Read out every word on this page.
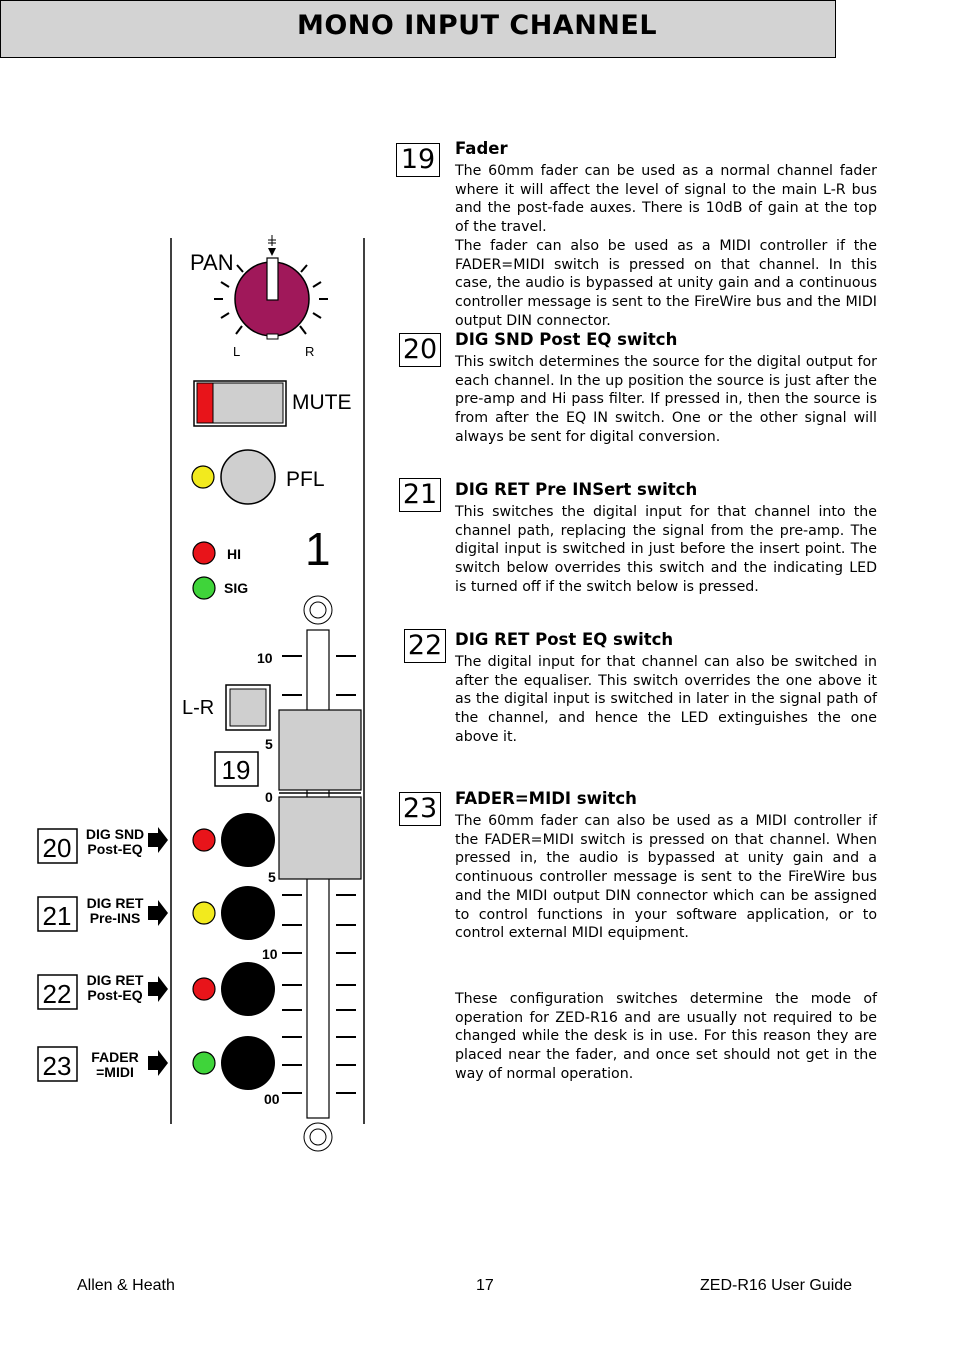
MONO INPUT CHANNEL
19 Fader
The 60mm fader can be used as a normal channel fader where it will affect the level of signal to the main L-R bus and the post-fade auxes. There is 10dB of gain at the top of the travel.
The fader can also be used as a MIDI controller if the FADER=MIDI switch is pressed on that channel. In this case, the audio is bypassed at unity gain and a continuous controller message is sent to the FireWire bus and the MIDI output DIN connector.
20 DIG SND Post EQ switch
This switch determines the source for the digital output for each channel. In the up position the source is just after the pre-amp and Hi pass filter. If pressed in, then the source is from after the EQ IN switch. One or the other signal will always be sent for digital conversion.
21 DIG RET Pre INSert switch
This switches the digital input for that channel into the channel path, replacing the signal from the pre-amp. The digital input is switched in just before the insert point. The switch below overrides this switch and the indicating LED is turned off if the switch below is pressed.
22 DIG RET Post EQ switch
The digital input for that channel can also be switched in after the equaliser. This switch overrides the one above it as the digital input is switched in later in the signal path of the channel, and hence the LED extinguishes the one above it.
23 FADER=MIDI switch
The 60mm fader can also be used as a MIDI controller if the FADER=MIDI switch is pressed on that channel. When pressed in, the audio is bypassed at unity gain and a continuous controller message is sent to the FireWire bus and the MIDI output DIN connector which can be assigned to control functions in your software application, or to control external MIDI equipment.
These configuration switches determine the mode of operation for ZED-R16 and are usually not required to be changed while the desk is in use. For this reason they are placed near the fader, and once set should not get in the way of normal operation.
PAN
L	R
MUTE
PFL
1
HI
SIG
10
5
0
5
10
00
L-R
19
20
21
22
23
DIG SND
Post-EQ
DIG RET
Pre-INS
DIG RET
Post-EQ
FADER
=MIDI
Allen & Heath	17	ZED-R16 User Guide
